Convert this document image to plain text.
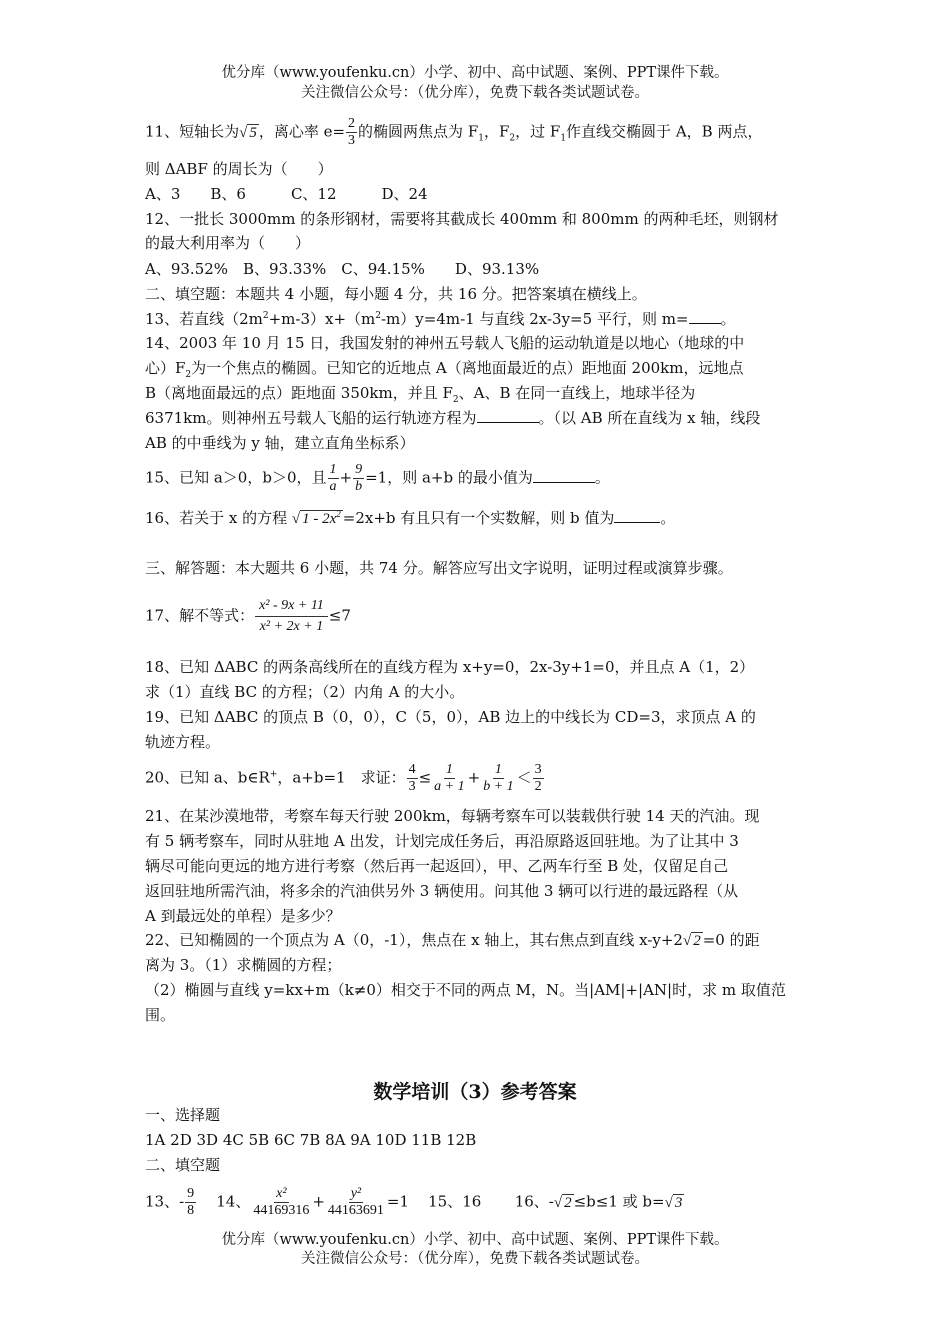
优分库（www.youfenku.cn）小学、初中、高中试题、案例、PPT课件下载。
关注微信公众号：（优分库），免费下载各类试题试卷。
11、短轴长为√ 5 ，离心率 $e= \frac{2}{3}$ 的椭圆两焦点为 $F_1$，$F_2$，过 $F_1$作直线交椭圆于 A，B 两点，
则 ΔABF 的周长为（　　）
A、3　　B、6　　　C、12　　　D、24
12、一批长 3000mm 的条形钢材，需要将其截成长 400mm 和 800mm 的两种毛坯，则钢材
的最大利用率为（　　）
A、93.52%　B、93.33%　C、94.15%　　D、93.13%
二、填空题：本题共 4 小题，每小题 4 分，共 16 分。把答案填在横线上。
13、若直线$(2m^2+m-3)x+(m^2-m)y=4m-1$ 与直线 2x-3y=5 平行，则 m= 。
14、2003 年 10 月 15 日，我国发射的神州五号载人飞船的运动轨道是以地心（地球的中
心）$F_2$为一个焦点的椭圆。已知它的近地点 A（离地面最近的点）距地面 200km，远地点
B（离地面最远的点）距地面 350km，并且 $F_2$、A、B 在同一直线上，地球半径为
6371km。则神州五号载人飞船的运行轨迹方程为	。（以 AB 所在直线为 x 轴，线段
AB 的中垂线为 y 轴，建立直角坐标系）
15、已知 a＞0，b＞0，且 $\frac{1}{a} + \frac{9}{b} =1$，则 a+b 的最小值为	。
16、若关于 x 的方程 √ $1 - 2x^2 =2x+b$ 有且只有一个实数解，则 b 值为	。
三、解答题：本大题共 6 小题，共 74 分。解答应写出文字说明，证明过程或演算步骤。
17、解不等式： $\frac{\text{x² - 9x + 11}}{\text{x² + 2x + 1}} \le 7$
18、已知 ΔABC 的两条高线所在的直线方程为 x+y=0，2x-3y+1=0，并且点 A（1，2）
求（1）直线 BC 的方程；（2）内角 A 的大小。
19、已知 ΔABC 的顶点 B（0，0），C（5，0），AB 边上的中线长为 CD=3，求顶点 A 的
轨迹方程。
20、已知 a、b∈R+，a+b=1　求证： $\frac{4}{3} \le \frac{1}{a + 1} + \frac{1}{b + 1} < \frac{3}{2}$
21、在某沙漠地带，考察车每天行驶 200km，每辆考察车可以装载供行驶 14 天的汽油。现
有 5 辆考察车，同时从驻地 A 出发，计划完成任务后，再沿原路返回驻地。为了让其中 3
辆尽可能向更远的地方进行考察（然后再一起返回），甲、乙两车行至 B 处，仅留足自己
返回驻地所需汽油，将多余的汽油供另外 3 辆使用。问其他 3 辆可以行进的最远路程（从
A 到最远处的单程）是多少？
22、已知椭圆的一个顶点为 A（0，-1），焦点在 x 轴上，其右焦点到直线 x-y+2√ 2 =0 的距
离为 3。（1）求椭圆的方程；
（2）椭圆与直线 y=kx+m（k≠0）相交于不同的两点 M，N。当|AM|+|AN|时，求 m 取值范
围。
数学培训（3）参考答案
一、选择题
1A 2D 3D 4C 5B 6C 7B 8A 9A 10D 11B 12B
二、填空题
13、- $\frac{9}{8} 14$、 $\frac{\text{x²}}{44169316} + \frac{\text{y²}}{44163691} =1$ 15、16 16、-√ 2 ≤b≤1 或 b=√ 3
优分库（www.youfenku.cn）小学、初中、高中试题、案例、PPT课件下载。
关注微信公众号：（优分库），免费下载各类试题试卷。
